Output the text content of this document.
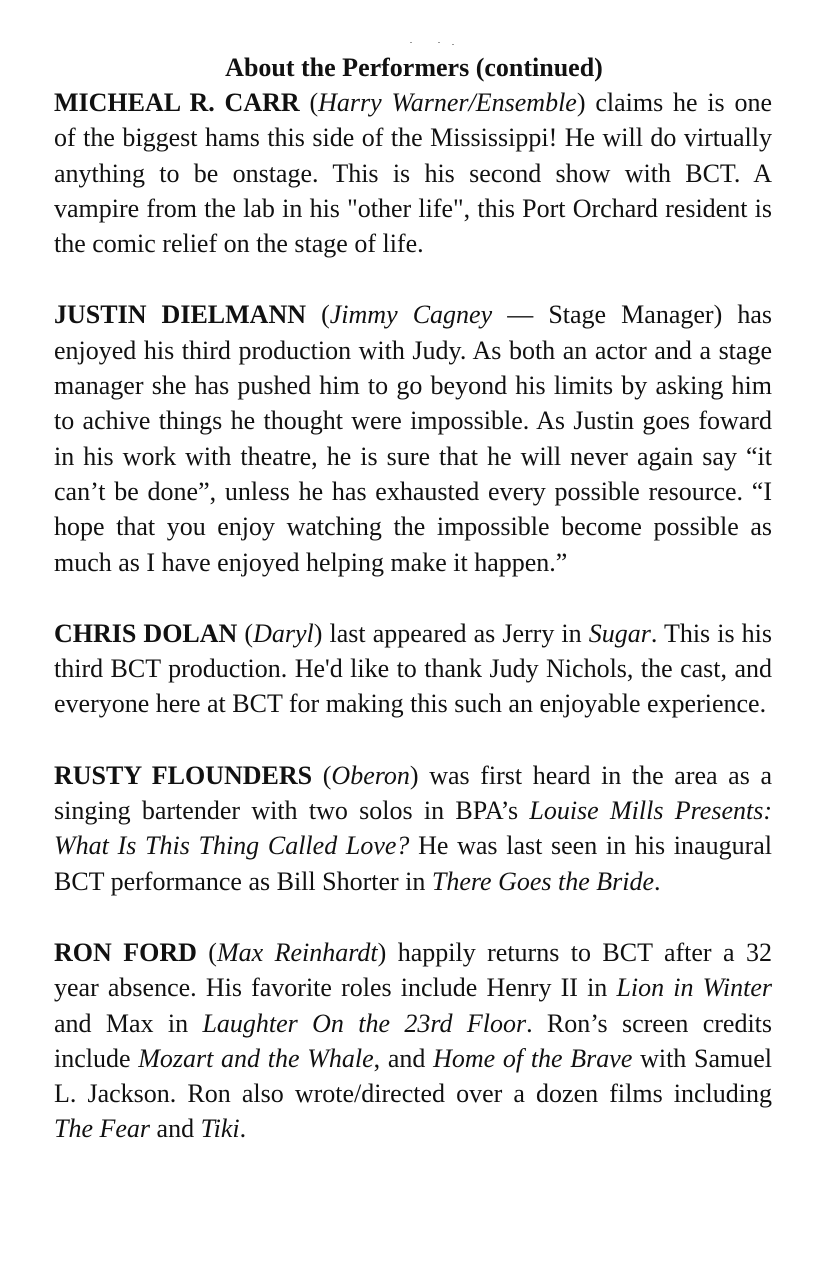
About the Performers (continued)

MICHEAL R. CARR (Harry Warner/Ensemble) claims he is one of the biggest hams this side of the Mississippi! He will do virtually anything to be onstage. This is his second show with BCT. A vampire from the lab in his "other life", this Port Orchard resident is the comic relief on the stage of life.

JUSTIN DIELMANN (Jimmy Cagney — Stage Manager) has enjoyed his third production with Judy. As both an actor and a stage manager she has pushed him to go beyond his limits by asking him to achive things he thought were impossible. As Justin goes foward in his work with theatre, he is sure that he will never again say “it can’t be done”, unless he has exhausted every possible resource. “I hope that you enjoy watching the impossible become possible as much as I have enjoyed helping make it happen.”

CHRIS DOLAN (Daryl) last appeared as Jerry in Sugar. This is his third BCT production. He'd like to thank Judy Nichols, the cast, and everyone here at BCT for making this such an enjoyable experience.

RUSTY FLOUNDERS (Oberon) was first heard in the area as a singing bartender with two solos in BPA’s Louise Mills Presents: What Is This Thing Called Love? He was last seen in his inaugural BCT performance as Bill Shorter in There Goes the Bride.

RON FORD (Max Reinhardt) happily returns to BCT after a 32 year absence. His favorite roles include Henry II in Lion in Winter and Max in Laughter On the 23rd Floor. Ron’s screen credits include Mozart and the Whale, and Home of the Brave with Samuel L. Jackson. Ron also wrote/directed over a dozen films including The Fear and Tiki.
